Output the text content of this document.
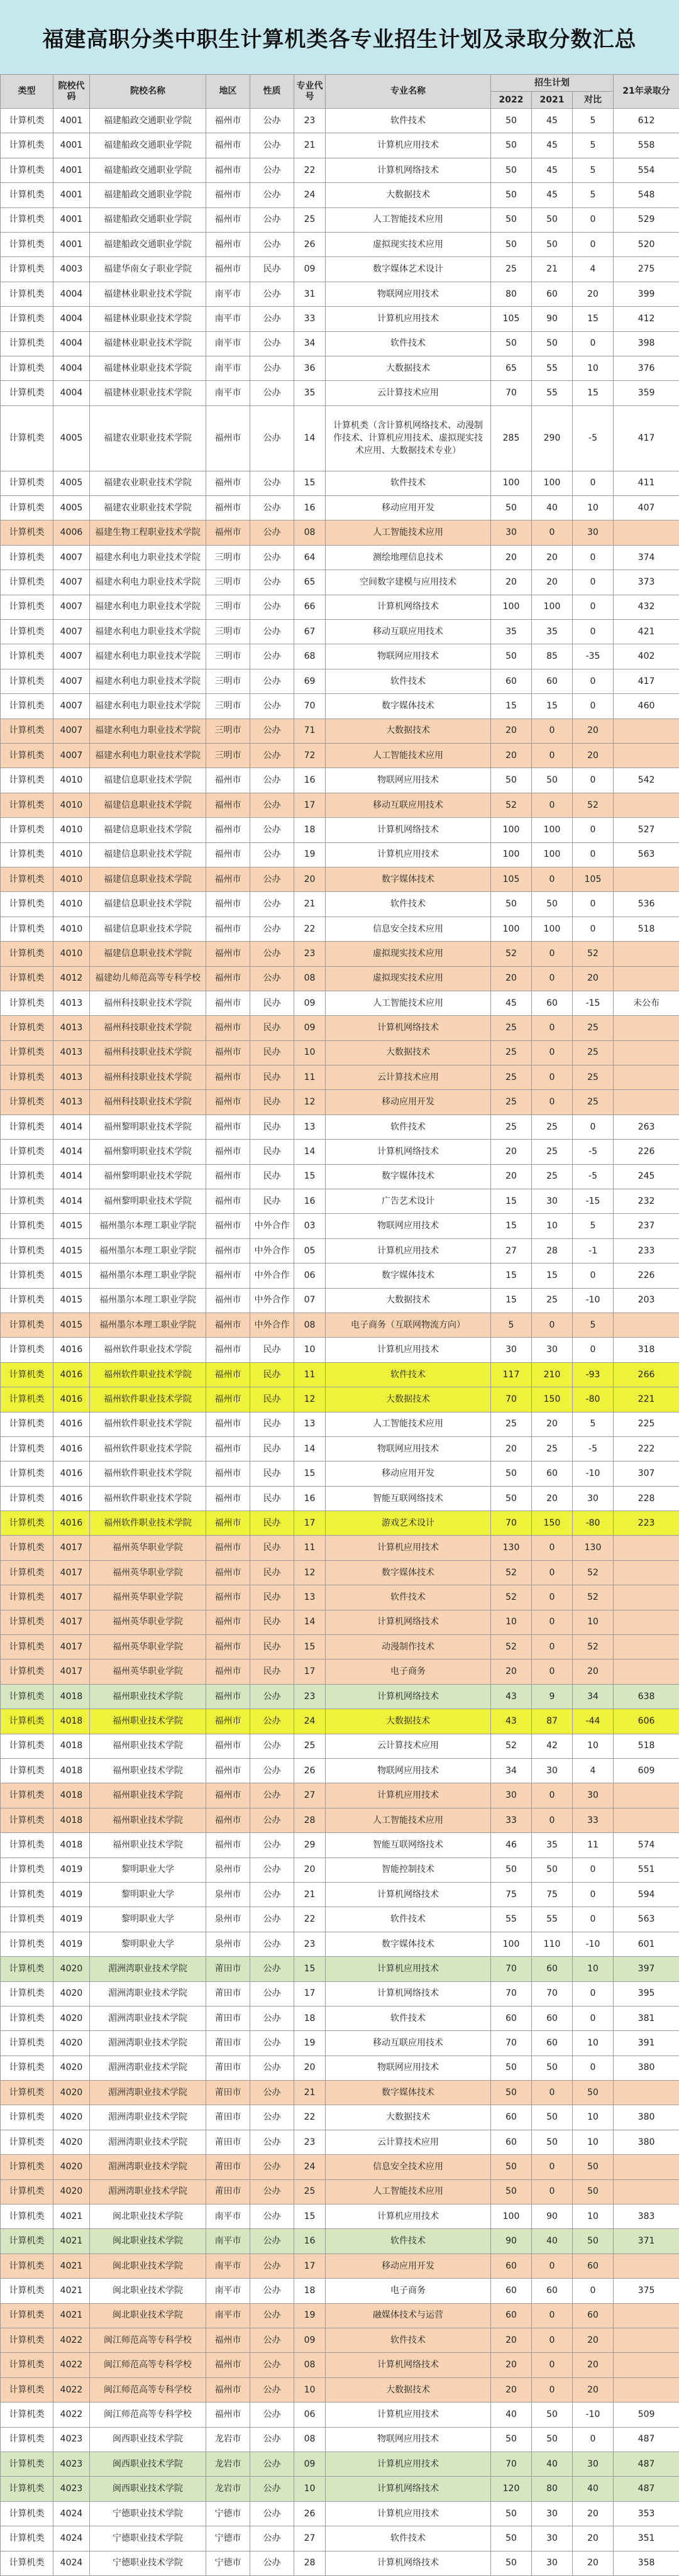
福建高职分类中职生计算机类各专业招生计划及录取分数汇总
类型	院校代码	院校名称	地区	性质	专业代号	专业名称	招生计划			21年录取分
							2022	2021	对比	
计算机类	4001	福建船政交通职业学院	福州市	公办	23	软件技术	50	45	5	612
计算机类	4001	福建船政交通职业学院	福州市	公办	21	计算机应用技术	50	45	5	558
计算机类	4001	福建船政交通职业学院	福州市	公办	22	计算机网络技术	50	45	5	554
计算机类	4001	福建船政交通职业学院	福州市	公办	24	大数据技术	50	45	5	548
计算机类	4001	福建船政交通职业学院	福州市	公办	25	人工智能技术应用	50	50	0	529
计算机类	4001	福建船政交通职业学院	福州市	公办	26	虚拟现实技术应用	50	50	0	520
计算机类	4003	福建华南女子职业学院	福州市	民办	09	数字媒体艺术设计	25	21	4	275
计算机类	4004	福建林业职业技术学院	南平市	公办	31	物联网应用技术	80	60	20	399
计算机类	4004	福建林业职业技术学院	南平市	公办	33	计算机应用技术	105	90	15	412
计算机类	4004	福建林业职业技术学院	南平市	公办	34	软件技术	50	50	0	398
计算机类	4004	福建林业职业技术学院	南平市	公办	36	大数据技术	65	55	10	376
计算机类	4004	福建林业职业技术学院	南平市	公办	35	云计算技术应用	70	55	15	359
计算机类	4005	福建农业职业技术学院	福州市	公办	14	计算机类（含计算机网络技术、动漫制作技术、计算机应用技术、虚拟现实技术应用、大数据技术专业）	285	290	-5	417
计算机类	4005	福建农业职业技术学院	福州市	公办	15	软件技术	100	100	0	411
计算机类	4005	福建农业职业技术学院	福州市	公办	16	移动应用开发	50	40	10	407
计算机类	4006	福建生物工程职业技术学院	福州市	公办	08	人工智能技术应用	30	0	30	
计算机类	4007	福建水利电力职业技术学院	三明市	公办	64	测绘地理信息技术	20	20	0	374
计算机类	4007	福建水利电力职业技术学院	三明市	公办	65	空间数字建模与应用技术	20	20	0	373
计算机类	4007	福建水利电力职业技术学院	三明市	公办	66	计算机网络技术	100	100	0	432
计算机类	4007	福建水利电力职业技术学院	三明市	公办	67	移动互联应用技术	35	35	0	421
计算机类	4007	福建水利电力职业技术学院	三明市	公办	68	物联网应用技术	50	85	-35	402
计算机类	4007	福建水利电力职业技术学院	三明市	公办	69	软件技术	60	60	0	417
计算机类	4007	福建水利电力职业技术学院	三明市	公办	70	数字媒体技术	15	15	0	460
计算机类	4007	福建水利电力职业技术学院	三明市	公办	71	大数据技术	20	0	20	
计算机类	4007	福建水利电力职业技术学院	三明市	公办	72	人工智能技术应用	20	0	20	
计算机类	4010	福建信息职业技术学院	福州市	公办	16	物联网应用技术	50	50	0	542
计算机类	4010	福建信息职业技术学院	福州市	公办	17	移动互联应用技术	52	0	52	
计算机类	4010	福建信息职业技术学院	福州市	公办	18	计算机网络技术	100	100	0	527
计算机类	4010	福建信息职业技术学院	福州市	公办	19	计算机应用技术	100	100	0	563
计算机类	4010	福建信息职业技术学院	福州市	公办	20	数字媒体技术	105	0	105	
计算机类	4010	福建信息职业技术学院	福州市	公办	21	软件技术	50	50	0	536
计算机类	4010	福建信息职业技术学院	福州市	公办	22	信息安全技术应用	100	100	0	518
计算机类	4010	福建信息职业技术学院	福州市	公办	23	虚拟现实技术应用	52	0	52	
计算机类	4012	福建幼儿师范高等专科学校	福州市	公办	08	虚拟现实技术应用	20	0	20	
计算机类	4013	福州科技职业技术学院	福州市	民办	09	人工智能技术应用	45	60	-15	未公布
计算机类	4013	福州科技职业技术学院	福州市	民办	09	计算机网络技术	25	0	25	
计算机类	4013	福州科技职业技术学院	福州市	民办	10	大数据技术	25	0	25	
计算机类	4013	福州科技职业技术学院	福州市	民办	11	云计算技术应用	25	0	25	
计算机类	4013	福州科技职业技术学院	福州市	民办	12	移动应用开发	25	0	25	
计算机类	4014	福州黎明职业技术学院	福州市	民办	13	软件技术	25	25	0	263
计算机类	4014	福州黎明职业技术学院	福州市	民办	14	计算机网络技术	20	25	-5	226
计算机类	4014	福州黎明职业技术学院	福州市	民办	15	数字媒体技术	20	25	-5	245
计算机类	4014	福州黎明职业技术学院	福州市	民办	16	广告艺术设计	15	30	-15	232
计算机类	4015	福州墨尔本理工职业学院	福州市	中外合作	03	物联网应用技术	15	10	5	237
计算机类	4015	福州墨尔本理工职业学院	福州市	中外合作	05	计算机应用技术	27	28	-1	233
计算机类	4015	福州墨尔本理工职业学院	福州市	中外合作	06	数字媒体技术	15	15	0	226
计算机类	4015	福州墨尔本理工职业学院	福州市	中外合作	07	大数据技术	15	25	-10	203
计算机类	4015	福州墨尔本理工职业学院	福州市	中外合作	08	电子商务（互联网物流方向）	5	0	5	
计算机类	4016	福州软件职业技术学院	福州市	民办	10	计算机应用技术	30	30	0	318
计算机类	4016	福州软件职业技术学院	福州市	民办	11	软件技术	117	210	-93	266
计算机类	4016	福州软件职业技术学院	福州市	民办	12	大数据技术	70	150	-80	221
计算机类	4016	福州软件职业技术学院	福州市	民办	13	人工智能技术应用	25	20	5	225
计算机类	4016	福州软件职业技术学院	福州市	民办	14	物联网应用技术	20	25	-5	222
计算机类	4016	福州软件职业技术学院	福州市	民办	15	移动应用开发	50	60	-10	307
计算机类	4016	福州软件职业技术学院	福州市	民办	16	智能互联网络技术	50	20	30	228
计算机类	4016	福州软件职业技术学院	福州市	民办	17	游戏艺术设计	70	150	-80	223
计算机类	4017	福州英华职业学院	福州市	民办	11	计算机应用技术	130	0	130	
计算机类	4017	福州英华职业学院	福州市	民办	12	数字媒体技术	52	0	52	
计算机类	4017	福州英华职业学院	福州市	民办	13	软件技术	52	0	52	
计算机类	4017	福州英华职业学院	福州市	民办	14	计算机网络技术	10	0	10	
计算机类	4017	福州英华职业学院	福州市	民办	15	动漫制作技术	52	0	52	
计算机类	4017	福州英华职业学院	福州市	民办	17	电子商务	20	0	20	
计算机类	4018	福州职业技术学院	福州市	公办	23	计算机网络技术	43	9	34	638
计算机类	4018	福州职业技术学院	福州市	公办	24	大数据技术	43	87	-44	606
计算机类	4018	福州职业技术学院	福州市	公办	25	云计算技术应用	52	42	10	518
计算机类	4018	福州职业技术学院	福州市	公办	26	物联网应用技术	34	30	4	609
计算机类	4018	福州职业技术学院	福州市	公办	27	计算机应用技术	30	0	30	
计算机类	4018	福州职业技术学院	福州市	公办	28	人工智能技术应用	33	0	33	
计算机类	4018	福州职业技术学院	福州市	公办	29	智能互联网络技术	46	35	11	574
计算机类	4019	黎明职业大学	泉州市	公办	20	智能控制技术	50	50	0	551
计算机类	4019	黎明职业大学	泉州市	公办	21	计算机网络技术	75	75	0	594
计算机类	4019	黎明职业大学	泉州市	公办	22	软件技术	55	55	0	563
计算机类	4019	黎明职业大学	泉州市	公办	23	数字媒体技术	100	110	-10	601
计算机类	4020	湄洲湾职业技术学院	莆田市	公办	15	计算机应用技术	70	60	10	397
计算机类	4020	湄洲湾职业技术学院	莆田市	公办	17	计算机网络技术	70	70	0	395
计算机类	4020	湄洲湾职业技术学院	莆田市	公办	18	软件技术	60	60	0	381
计算机类	4020	湄洲湾职业技术学院	莆田市	公办	19	移动互联应用技术	70	60	10	391
计算机类	4020	湄洲湾职业技术学院	莆田市	公办	20	物联网应用技术	50	50	0	380
计算机类	4020	湄洲湾职业技术学院	莆田市	公办	21	数字媒体技术	50	0	50	
计算机类	4020	湄洲湾职业技术学院	莆田市	公办	22	大数据技术	60	50	10	380
计算机类	4020	湄洲湾职业技术学院	莆田市	公办	23	云计算技术应用	60	50	10	380
计算机类	4020	湄洲湾职业技术学院	莆田市	公办	24	信息安全技术应用	50	0	50	
计算机类	4020	湄洲湾职业技术学院	莆田市	公办	25	人工智能技术应用	50	0	50	
计算机类	4021	闽北职业技术学院	南平市	公办	15	计算机应用技术	100	90	10	383
计算机类	4021	闽北职业技术学院	南平市	公办	16	软件技术	90	40	50	371
计算机类	4021	闽北职业技术学院	南平市	公办	17	移动应用开发	60	0	60	
计算机类	4021	闽北职业技术学院	南平市	公办	18	电子商务	60	60	0	375
计算机类	4021	闽北职业技术学院	南平市	公办	19	融媒体技术与运营	60	0	60	
计算机类	4022	闽江师范高等专科学校	福州市	公办	09	软件技术	20	0	20	
计算机类	4022	闽江师范高等专科学校	福州市	公办	08	计算机网络技术	20	0	20	
计算机类	4022	闽江师范高等专科学校	福州市	公办	10	大数据技术	20	0	20	
计算机类	4022	闽江师范高等专科学校	福州市	公办	06	计算机应用技术	40	50	-10	509
计算机类	4023	闽西职业技术学院	龙岩市	公办	08	物联网应用技术	50	50	0	487
计算机类	4023	闽西职业技术学院	龙岩市	公办	09	计算机应用技术	70	40	30	487
计算机类	4023	闽西职业技术学院	龙岩市	公办	10	计算机网络技术	120	80	40	487
计算机类	4024	宁德职业技术学院	宁德市	公办	26	计算机应用技术	50	30	20	353
计算机类	4024	宁德职业技术学院	宁德市	公办	27	软件技术	50	30	20	351
计算机类	4024	宁德职业技术学院	宁德市	公办	28	计算机网络技术	50	30	20	358
